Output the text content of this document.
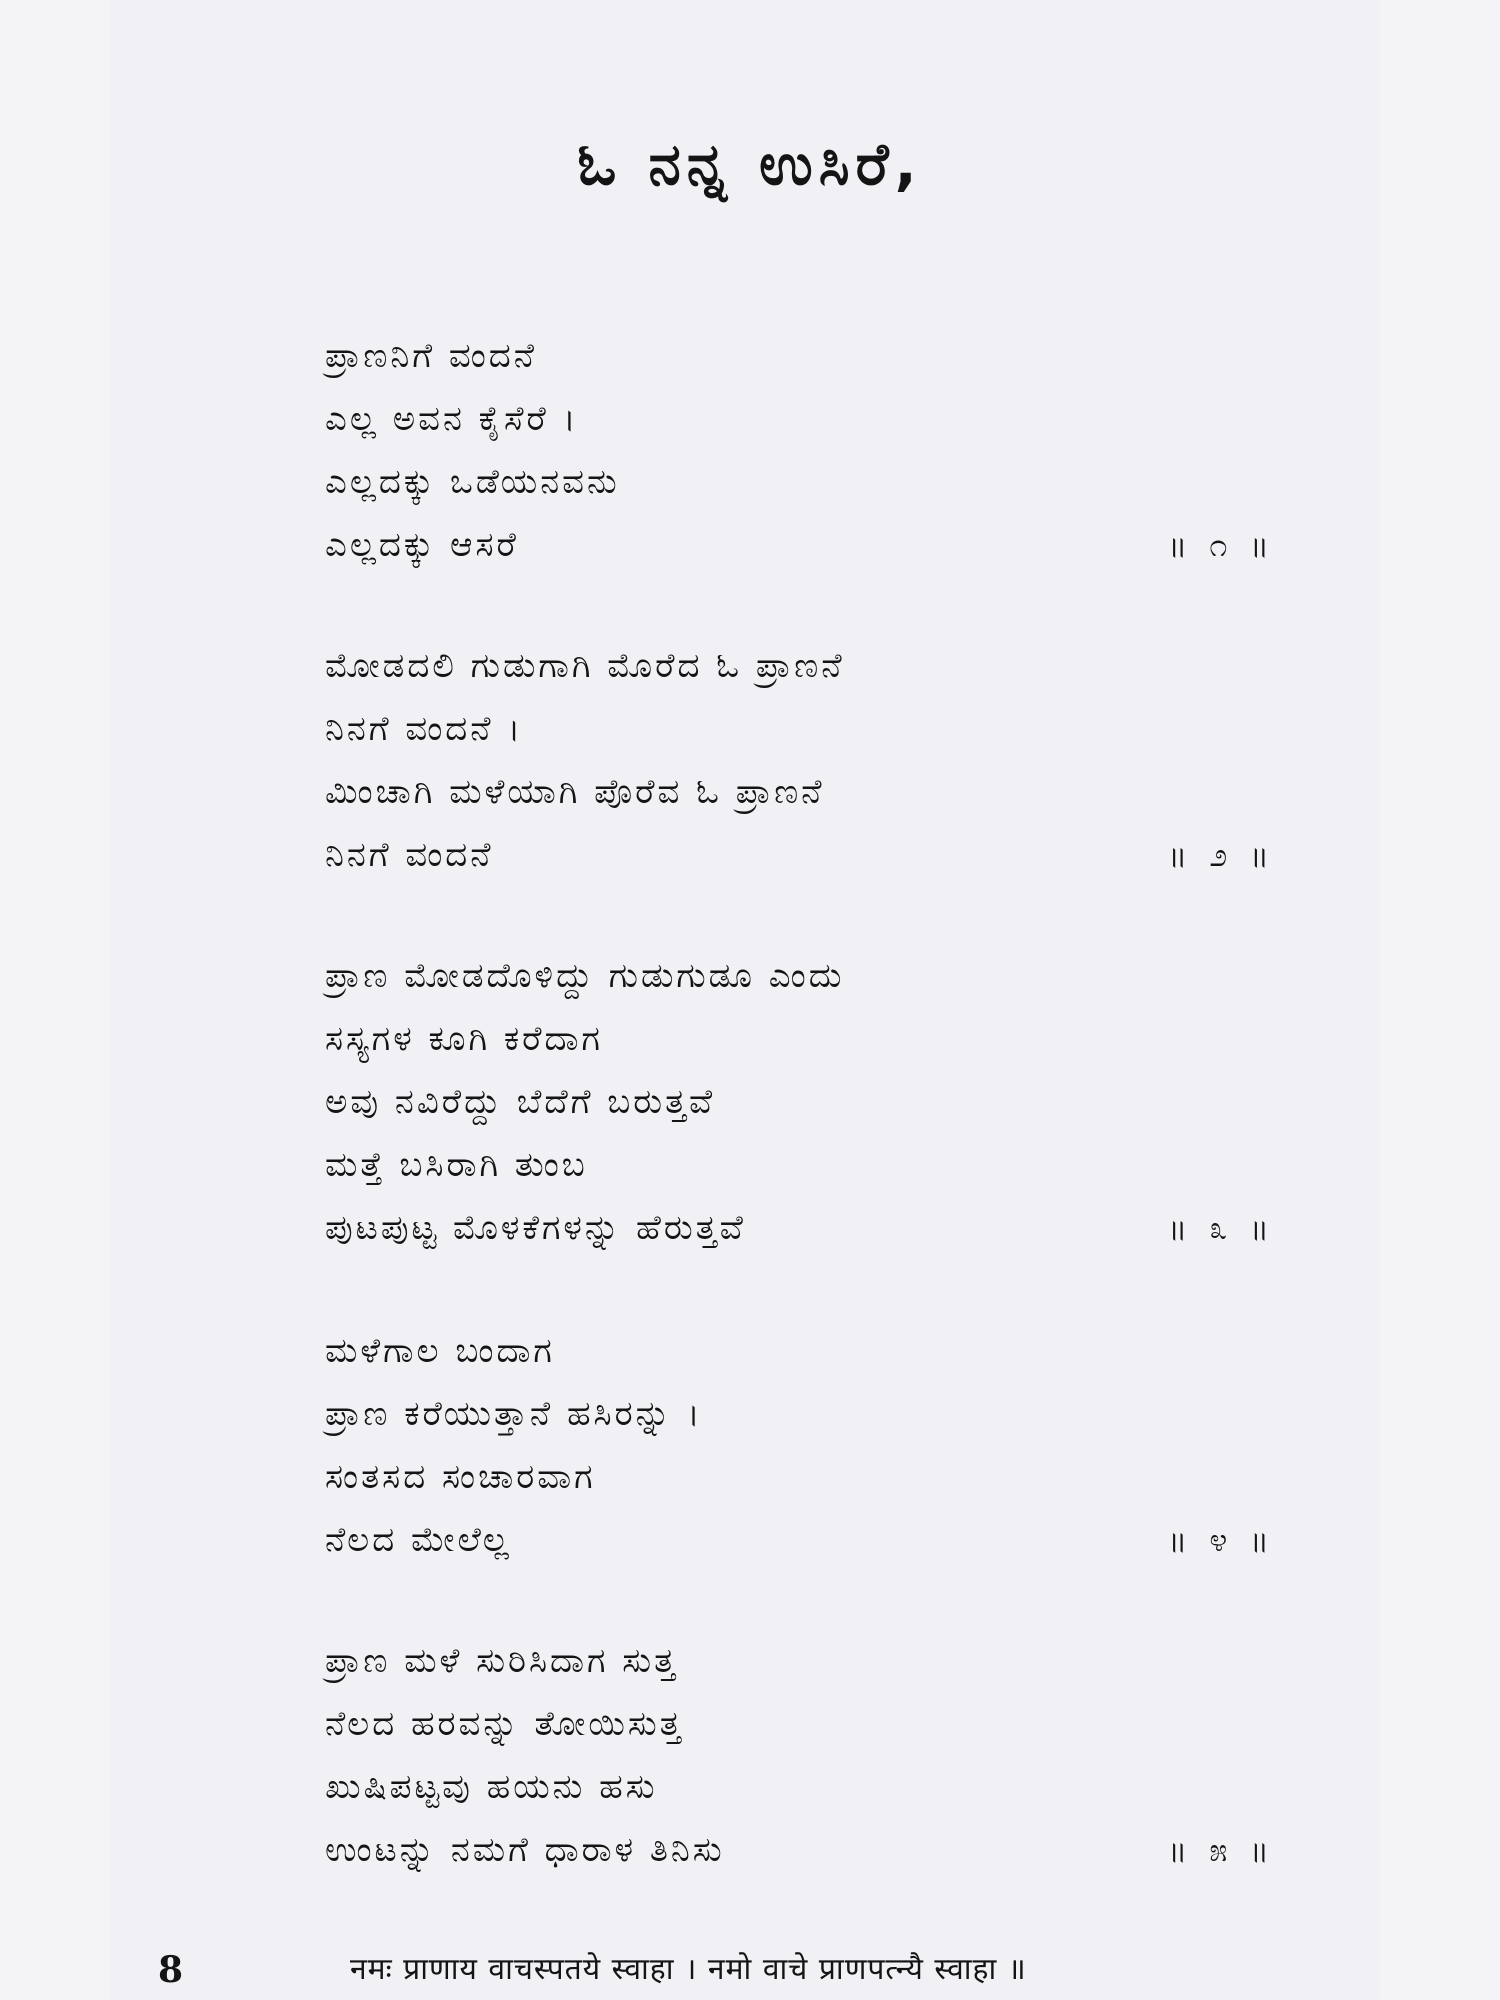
ಓ ನನ್ನ ಉಸಿರೆ,
ಪ್ರಾಣನಿಗೆ ವಂದನೆ
ಎಲ್ಲ ಅವನ ಕೈಸೆರೆ ।
ಎಲ್ಲದಕ್ಕು ಒಡೆಯನವನು
ಎಲ್ಲದಕ್ಕು ಆಸರೆ	॥ ೧ ॥
ಮೋಡದಲಿ ಗುಡುಗಾಗಿ ಮೊರೆದ ಓ ಪ್ರಾಣನೆ
ನಿನಗೆ ವಂದನೆ ।
ಮಿಂಚಾಗಿ ಮಳೆಯಾಗಿ ಪೊರೆವ ಓ ಪ್ರಾಣನೆ
ನಿನಗೆ ವಂದನೆ	॥ ೨ ॥
ಪ್ರಾಣ ಮೋಡದೊಳಿದ್ದು ಗುಡುಗುಡೂ ಎಂದು
ಸಸ್ಯಗಳ ಕೂಗಿ ಕರೆದಾಗ
ಅವು ನವಿರೆದ್ದು ಬೆದೆಗೆ ಬರುತ್ತವೆ
ಮತ್ತೆ ಬಸಿರಾಗಿ ತುಂಬ
ಪುಟಪುಟ್ಟ ಮೊಳಕೆಗಳನ್ನು ಹೆರುತ್ತವೆ	॥ ೩ ॥
ಮಳೆಗಾಲ ಬಂದಾಗ
ಪ್ರಾಣ ಕರೆಯುತ್ತಾನೆ ಹಸಿರನ್ನು ।
ಸಂತಸದ ಸಂಚಾರವಾಗ
ನೆಲದ ಮೇಲೆಲ್ಲ	॥ ೪ ॥
ಪ್ರಾಣ ಮಳೆ ಸುರಿಸಿದಾಗ ಸುತ್ತ
ನೆಲದ ಹರವನ್ನು ತೋಯಿಸುತ್ತ
ಖುಷಿಪಟ್ಟವು ಹಯನು ಹಸು
ಉಂಟನ್ನು ನಮಗೆ ಧಾರಾಳ ತಿನಿಸು	॥ ೫ ॥
8	नमः प्राणाय वाचस्पतये स्वाहा । नमो वाचे प्राणपत्न्यै स्वाहा ॥
